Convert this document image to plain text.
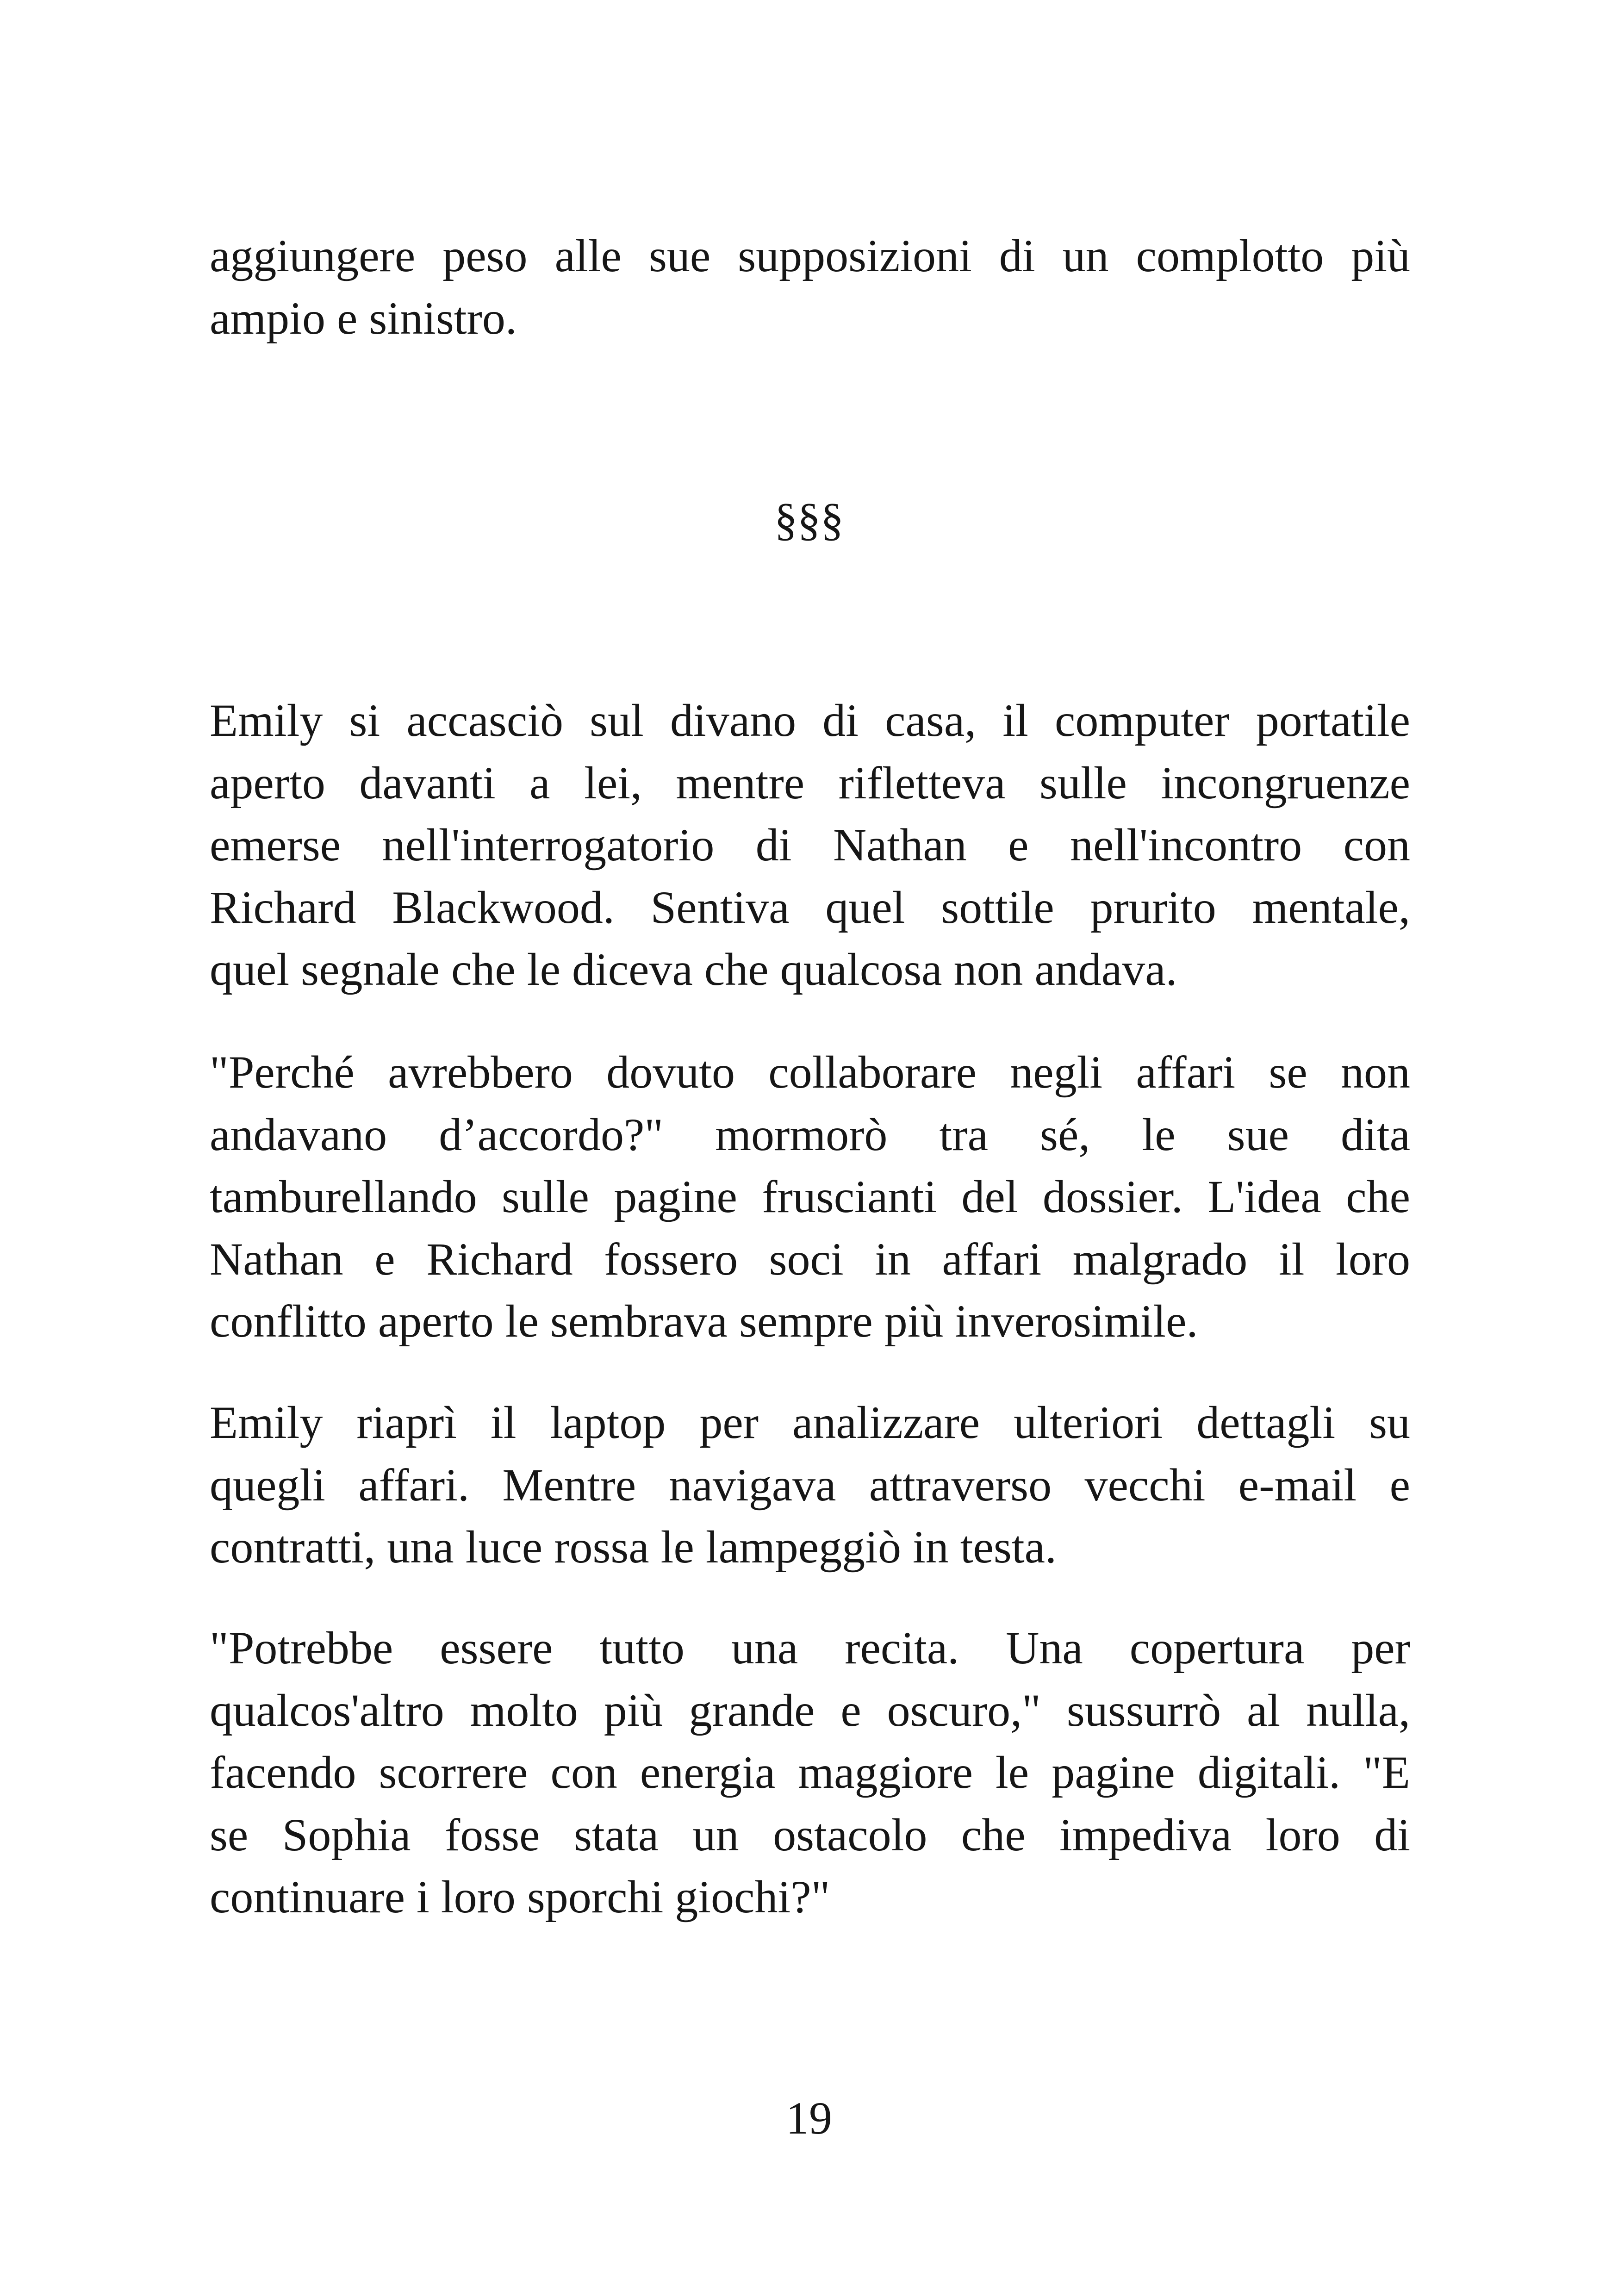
aggiungere peso alle sue supposizioni di un complotto più
ampio e sinistro.
§§§
Emily si accasciò sul divano di casa, il computer portatile
aperto davanti a lei, mentre rifletteva sulle incongruenze
emerse nell'interrogatorio di Nathan e nell'incontro con
Richard Blackwood. Sentiva quel sottile prurito mentale,
quel segnale che le diceva che qualcosa non andava.
"Perché avrebbero dovuto collaborare negli affari se non
andavano d’accordo?" mormorò tra sé, le sue dita
tamburellando sulle pagine fruscianti del dossier. L'idea che
Nathan e Richard fossero soci in affari malgrado il loro
conflitto aperto le sembrava sempre più inverosimile.
Emily riaprì il laptop per analizzare ulteriori dettagli su
quegli affari. Mentre navigava attraverso vecchi e-mail e
contratti, una luce rossa le lampeggiò in testa.
"Potrebbe essere tutto una recita. Una copertura per
qualcos'altro molto più grande e oscuro," sussurrò al nulla,
facendo scorrere con energia maggiore le pagine digitali. "E
se Sophia fosse stata un ostacolo che impediva loro di
continuare i loro sporchi giochi?"
19
